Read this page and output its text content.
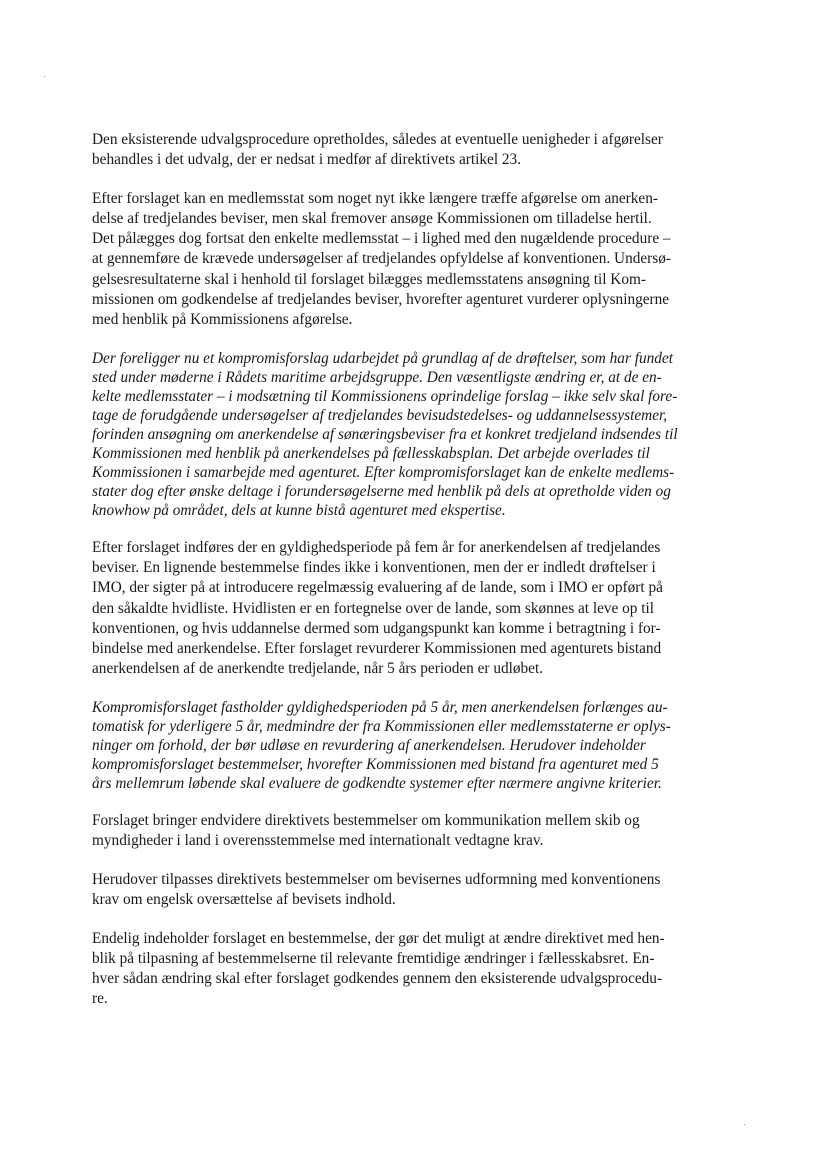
Den eksisterende udvalgsprocedure opretholdes, således at eventuelle uenigheder i afgørelser
behandles i det udvalg, der er nedsat i medfør af direktivets artikel 23.

Efter forslaget kan en medlemsstat som noget nyt ikke længere træffe afgørelse om anerken-
delse af tredjelandes beviser, men skal fremover ansøge Kommissionen om tilladelse hertil.
Det pålægges dog fortsat den enkelte medlemsstat – i lighed med den nugældende procedure –
at gennemføre de krævede undersøgelser af tredjelandes opfyldelse af konventionen. Undersø-
gelsesresultaterne skal i henhold til forslaget bilægges medlemsstatens ansøgning til Kom-
missionen om godkendelse af tredjelandes beviser, hvorefter agenturet vurderer oplysningerne
med henblik på Kommissionens afgørelse.

Der foreligger nu et kompromisforslag udarbejdet på grundlag af de drøftelser, som har fundet
sted under møderne i Rådets maritime arbejdsgruppe. Den væsentligste ændring er, at de en-
kelte medlemsstater – i modsætning til Kommissionens oprindelige forslag – ikke selv skal fore-
tage de forudgående undersøgelser af tredjelandes bevisudstedelses- og uddannelsessystemer,
forinden ansøgning om anerkendelse af sønæringsbeviser fra et konkret tredjeland indsendes til
Kommissionen med henblik på anerkendelses på fællesskabsplan. Det arbejde overlades til
Kommissionen i samarbejde med agenturet. Efter kompromisforslaget kan de enkelte medlems-
stater dog efter ønske deltage i forundersøgelserne med henblik på dels at opretholde viden og
knowhow på området, dels at kunne bistå agenturet med ekspertise.

Efter forslaget indføres der en gyldighedsperiode på fem år for anerkendelsen af tredjelandes
beviser. En lignende bestemmelse findes ikke i konventionen, men der er indledt drøftelser i
IMO, der sigter på at introducere regelmæssig evaluering af de lande, som i IMO er opført på
den såkaldte hvidliste. Hvidlisten er en fortegnelse over de lande, som skønnes at leve op til
konventionen, og hvis uddannelse dermed som udgangspunkt kan komme i betragtning i for-
bindelse med anerkendelse. Efter forslaget revurderer Kommissionen med agenturets bistand
anerkendelsen af de anerkendte tredjelande, når 5 års perioden er udløbet.

Kompromisforslaget fastholder gyldighedsperioden på 5 år, men anerkendelsen forlænges au-
tomatisk for yderligere 5 år, medmindre der fra Kommissionen eller medlemsstaterne er oplys-
ninger om forhold, der bør udløse en revurdering af anerkendelsen. Herudover indeholder
kompromisforslaget bestemmelser, hvorefter Kommissionen med bistand fra agenturet med 5
års mellemrum løbende skal evaluere de godkendte systemer efter nærmere angivne kriterier.

Forslaget bringer endvidere direktivets bestemmelser om kommunikation mellem skib og
myndigheder i land i overensstemmelse med internationalt vedtagne krav.

Herudover tilpasses direktivets bestemmelser om bevisernes udformning med konventionens
krav om engelsk oversættelse af bevisets indhold.

Endelig indeholder forslaget en bestemmelse, der gør det muligt at ændre direktivet med hen-
blik på tilpasning af bestemmelserne til relevante fremtidige ændringer i fællesskabsret. En-
hver sådan ændring skal efter forslaget godkendes gennem den eksisterende udvalgsprocedu-
re.
